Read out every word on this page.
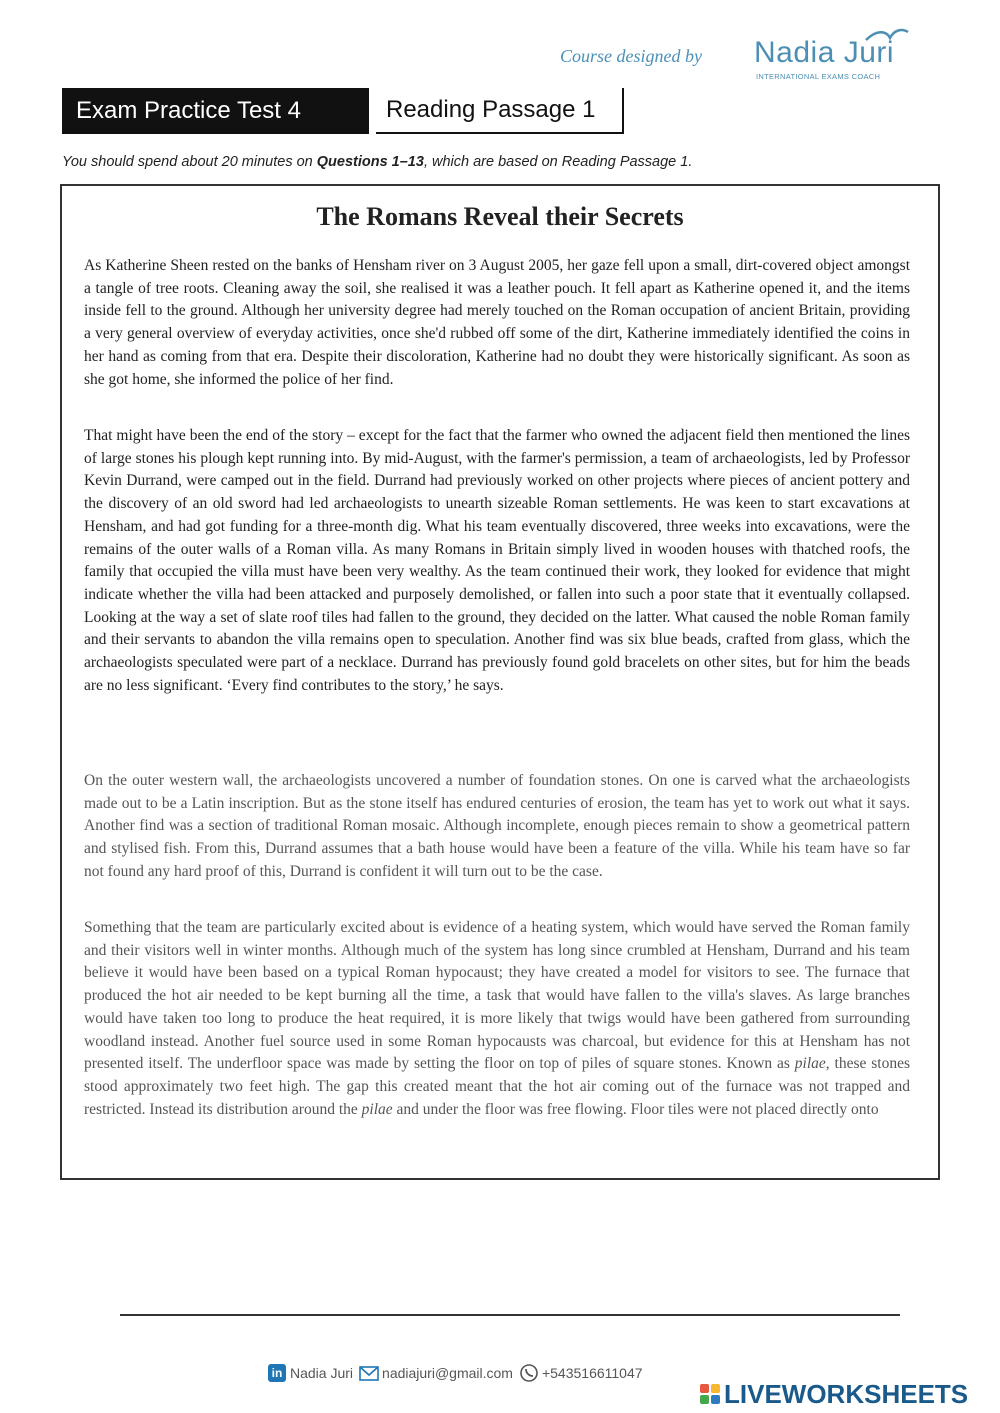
Course designed by Nadia Juri
INTERNATIONAL EXAMS COACH
Exam Practice Test 4	Reading Passage 1
You should spend about 20 minutes on Questions 1–13, which are based on Reading Passage 1.
The Romans Reveal their Secrets

As Katherine Sheen rested on the banks of Hensham river on 3 August 2005, her gaze fell upon a small, dirt-covered object amongst a tangle of tree roots. Cleaning away the soil, she realised it was a leather pouch. It fell apart as Katherine opened it, and the items inside fell to the ground. Although her university degree had merely touched on the Roman occupation of ancient Britain, providing a very general overview of everyday activities, once she'd rubbed off some of the dirt, Katherine immediately identified the coins in her hand as coming from that era. Despite their discoloration, Katherine had no doubt they were historically significant. As soon as she got home, she informed the police of her find.

That might have been the end of the story – except for the fact that the farmer who owned the adjacent field then mentioned the lines of large stones his plough kept running into. By mid-August, with the farmer's permission, a team of archaeologists, led by Professor Kevin Durrand, were camped out in the field. Durrand had previously worked on other projects where pieces of ancient pottery and the discovery of an old sword had led archaeologists to unearth sizeable Roman settlements. He was keen to start excavations at Hensham, and had got funding for a three-month dig. What his team eventually discovered, three weeks into excavations, were the remains of the outer walls of a Roman villa. As many Romans in Britain simply lived in wooden houses with thatched roofs, the family that occupied the villa must have been very wealthy. As the team continued their work, they looked for evidence that might indicate whether the villa had been attacked and purposely demolished, or fallen into such a poor state that it eventually collapsed. Looking at the way a set of slate roof tiles had fallen to the ground, they decided on the latter. What caused the noble Roman family and their servants to abandon the villa remains open to speculation. Another find was six blue beads, crafted from glass, which the archaeologists speculated were part of a necklace. Durrand has previously found gold bracelets on other sites, but for him the beads are no less significant. ‘Every find contributes to the story,’ he says.

On the outer western wall, the archaeologists uncovered a number of foundation stones. On one is carved what the archaeologists made out to be a Latin inscription. But as the stone itself has endured centuries of erosion, the team has yet to work out what it says. Another find was a section of traditional Roman mosaic. Although incomplete, enough pieces remain to show a geometrical pattern and stylised fish. From this, Durrand assumes that a bath house would have been a feature of the villa. While his team have so far not found any hard proof of this, Durrand is confident it will turn out to be the case.

Something that the team are particularly excited about is evidence of a heating system, which would have served the Roman family and their visitors well in winter months. Although much of the system has long since crumbled at Hensham, Durrand and his team believe it would have been based on a typical Roman hypocaust; they have created a model for visitors to see. The furnace that produced the hot air needed to be kept burning all the time, a task that would have fallen to the villa's slaves. As large branches would have taken too long to produce the heat required, it is more likely that twigs would have been gathered from surrounding woodland instead. Another fuel source used in some Roman hypocausts was charcoal, but evidence for this at Hensham has not presented itself. The underfloor space was made by setting the floor on top of piles of square stones. Known as pilae, these stones stood approximately two feet high. The gap this created meant that the hot air coming out of the furnace was not trapped and restricted. Instead its distribution around the pilae and under the floor was free flowing. Floor tiles were not placed directly onto

in Nadia Juri nadiajuri@gmail.com +543516611047
LIVEWORKSHEETS
